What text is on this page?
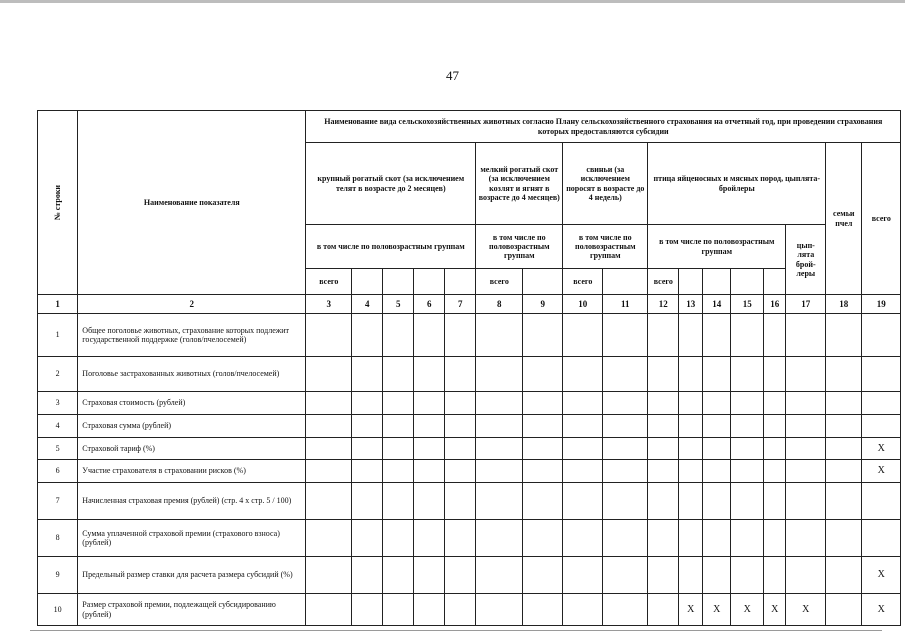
47
№ строки	Наименование показателя	Наименование вида сельскохозяйственных животных согласно Плану сельскохозяйственного страхования на отчетный год, при проведении страхования которых предоставляются субсидии																
		крупный рогатый скот (за исключением телят в возрасте до 2 месяцев)					мелкий рогатый скот (за исключением козлят и ягнят в возрасте до 4 месяцев)		свиньи (за исключением поросят в возрасте до 4 недель)		птица яйценосных и мясных пород, цыплята-бройлеры						семьи пчел	всего
		в том числе по половозрастным группам					в том числе по половозрастным группам		в том числе по половозрастным группам		в том числе по половозрастным группам					цып- лята брой- леры		
		всего					всего		всего		всего							

1	2	3	4	5	6	7	8	9	10	11	12	13	14	15	16	17	18	19
1	Общее поголовье животных, страхование которых подлежит государственной поддержке (голов/пчелосемей)																	
2	Поголовье застрахованных животных (голов/пчелосемей)																	
3	Страховая стоимость (рублей)																	
4	Страховая сумма (рублей)																	
5	Страховой тариф (%)																	X
6	Участие страхователя в страховании рисков (%)																	X
7	Начисленная страховая премия (рублей) (стр. 4 x стр. 5 / 100)																	
8	Сумма уплаченной страховой премии (страхового взноса) (рублей)																	
9	Предельный размер ставки для расчета размера субсидий (%)																	X
10	Размер страховой премии, подлежащей субсидированию (рублей)											X	X	X	X	X		X
